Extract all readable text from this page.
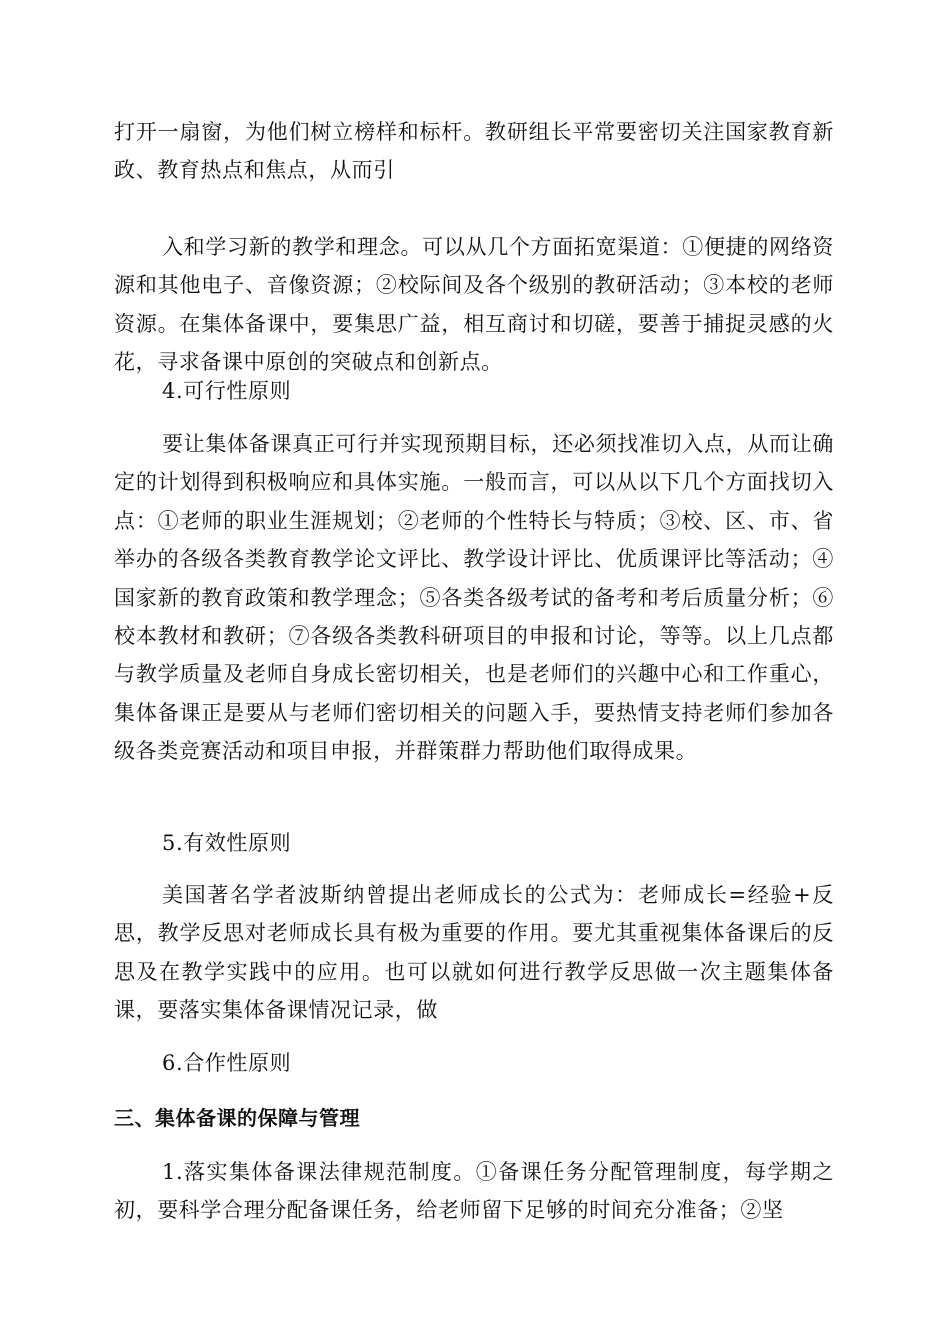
打开一扇窗，为他们树立榜样和标杆。教研组长平常要密切关注国家教育新政、教育热点和焦点，从而引

入和学习新的教学和理念。可以从几个方面拓宽渠道：①便捷的网络资源和其他电子、音像资源；②校际间及各个级别的教研活动；③本校的老师资源。在集体备课中，要集思广益，相互商讨和切磋，要善于捕捉灵感的火花，寻求备课中原创的突破点和创新点。

4.可行性原则

要让集体备课真正可行并实现预期目标，还必须找准切入点，从而让确定的计划得到积极响应和具体实施。一般而言，可以从以下几个方面找切入点：①老师的职业生涯规划；②老师的个性特长与特质；③校、区、市、省举办的各级各类教育教学论文评比、教学设计评比、优质课评比等活动；④国家新的教育政策和教学理念；⑤各类各级考试的备考和考后质量分析；⑥校本教材和教研；⑦各级各类教科研项目的申报和讨论，等等。以上几点都与教学质量及老师自身成长密切相关，也是老师们的兴趣中心和工作重心，集体备课正是要从与老师们密切相关的问题入手，要热情支持老师们参加各级各类竞赛活动和项目申报，并群策群力帮助他们取得成果。

5.有效性原则

美国著名学者波斯纳曾提出老师成长的公式为：老师成长=经验+反思，教学反思对老师成长具有极为重要的作用。要尤其重视集体备课后的反思及在教学实践中的应用。也可以就如何进行教学反思做一次主题集体备课，要落实集体备课情况记录，做

6.合作性原则

三、集体备课的保障与管理

1.落实集体备课法律规范制度。①备课任务分配管理制度，每学期之初，要科学合理分配备课任务，给老师留下足够的时间充分准备；②坚
